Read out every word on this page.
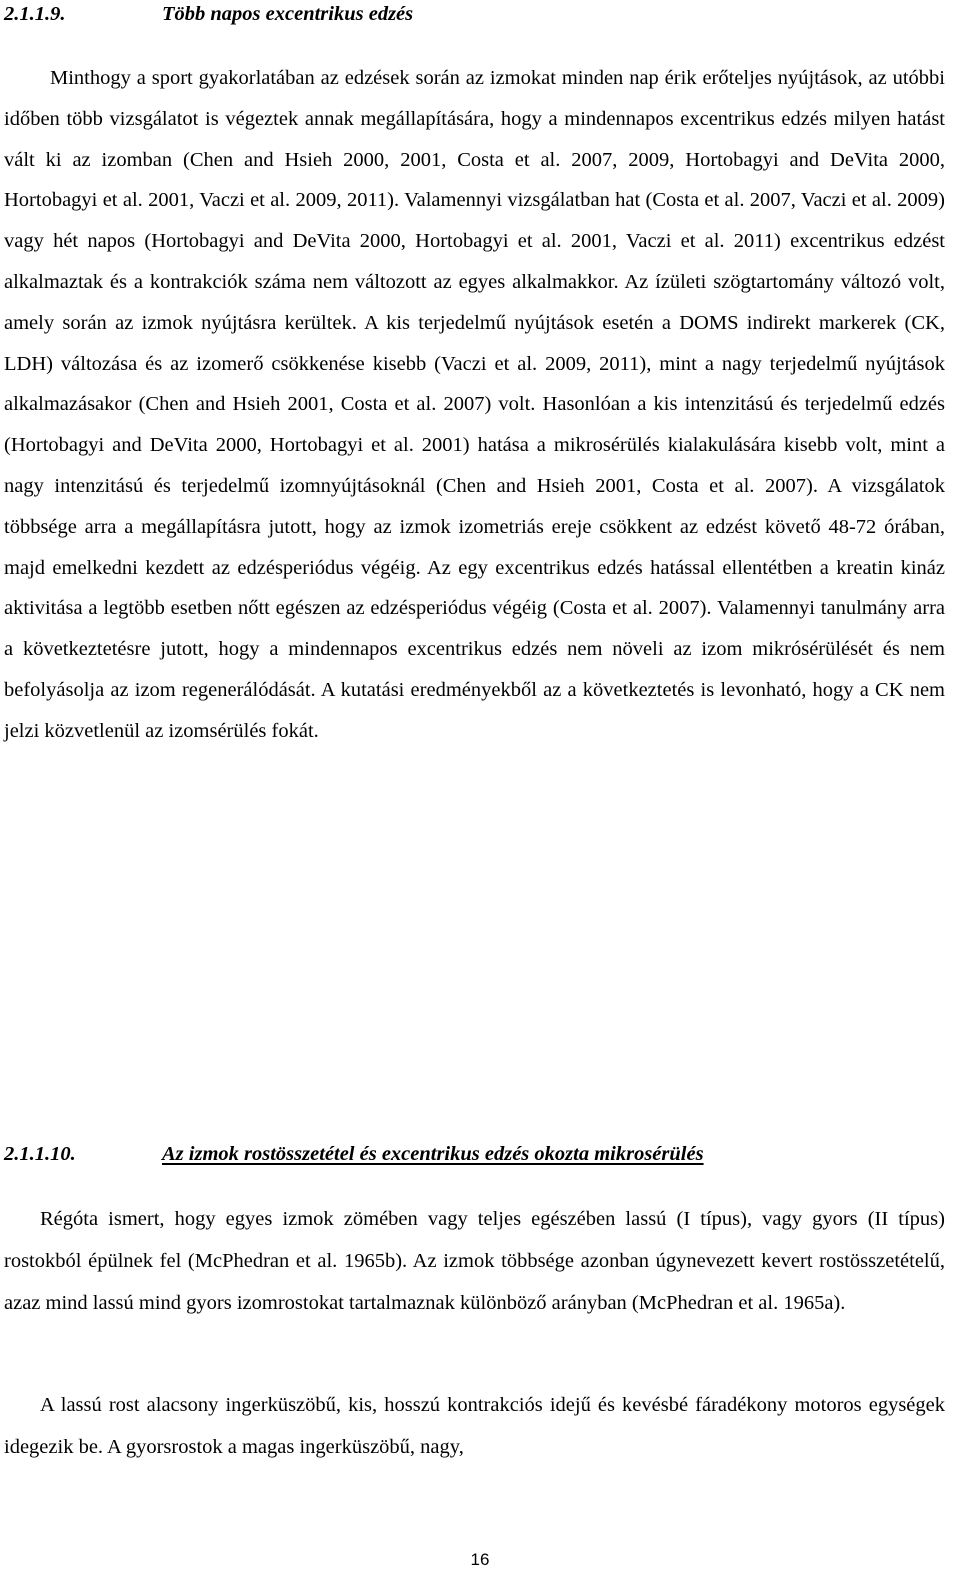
2.1.1.9.	Több napos excentrikus edzés

Minthogy a sport gyakorlatában az edzések során az izmokat minden nap érik erőteljes nyújtások, az utóbbi időben több vizsgálatot is végeztek annak megállapítására, hogy a mindennapos excentrikus edzés milyen hatást vált ki az izomban (Chen and Hsieh 2000, 2001, Costa et al. 2007, 2009, Hortobagyi and DeVita 2000, Hortobagyi et al. 2001, Vaczi et al. 2009, 2011). Valamennyi vizsgálatban hat (Costa et al. 2007, Vaczi et al. 2009) vagy hét napos (Hortobagyi and DeVita 2000, Hortobagyi et al. 2001, Vaczi et al. 2011) excentrikus edzést alkalmaztak és a kontrakciók száma nem változott az egyes alkalmakkor. Az ízületi szögtartomány változó volt, amely során az izmok nyújtásra kerültek. A kis terjedelmű nyújtások esetén a DOMS indirekt markerek (CK, LDH) változása és az izomerő csökkenése kisebb (Vaczi et al. 2009, 2011), mint a nagy terjedelmű nyújtások alkalmazásakor (Chen and Hsieh 2001, Costa et al. 2007) volt. Hasonlóan a kis intenzitású és terjedelmű edzés (Hortobagyi and DeVita 2000, Hortobagyi et al. 2001) hatása a mikrosérülés kialakulására kisebb volt, mint a nagy intenzitású és terjedelmű izomnyújtásoknál (Chen and Hsieh 2001, Costa et al. 2007). A vizsgálatok többsége arra a megállapításra jutott, hogy az izmok izometriás ereje csökkent az edzést követő 48-72 órában, majd emelkedni kezdett az edzésperiódus végéig. Az egy excentrikus edzés hatással ellentétben a kreatin kináz aktivitása a legtöbb esetben nőtt egészen az edzésperiódus végéig (Costa et al. 2007). Valamennyi tanulmány arra a következtetésre jutott, hogy a mindennapos excentrikus edzés nem növeli az izom mikrósérülését és nem befolyásolja az izom regenerálódását. A kutatási eredményekből az a következtetés is levonható, hogy a CK nem jelzi közvetlenül az izomsérülés fokát.

2.1.1.10.	Az izmok rostösszetétel és excentrikus edzés okozta mikrosérülés

Régóta ismert, hogy egyes izmok zömében vagy teljes egészében lassú (I típus), vagy gyors (II típus) rostokból épülnek fel (McPhedran et al. 1965b). Az izmok többsége azonban úgynevezett kevert rostösszetételű, azaz mind lassú mind gyors izomrostokat tartalmaznak különböző arányban (McPhedran et al. 1965a).

A lassú rost alacsony ingerküszöbű, kis, hosszú kontrakciós idejű és kevésbé fáradékony motoros egységek idegezik be. A gyorsrostok a magas ingerküszöbű, nagy,

16
